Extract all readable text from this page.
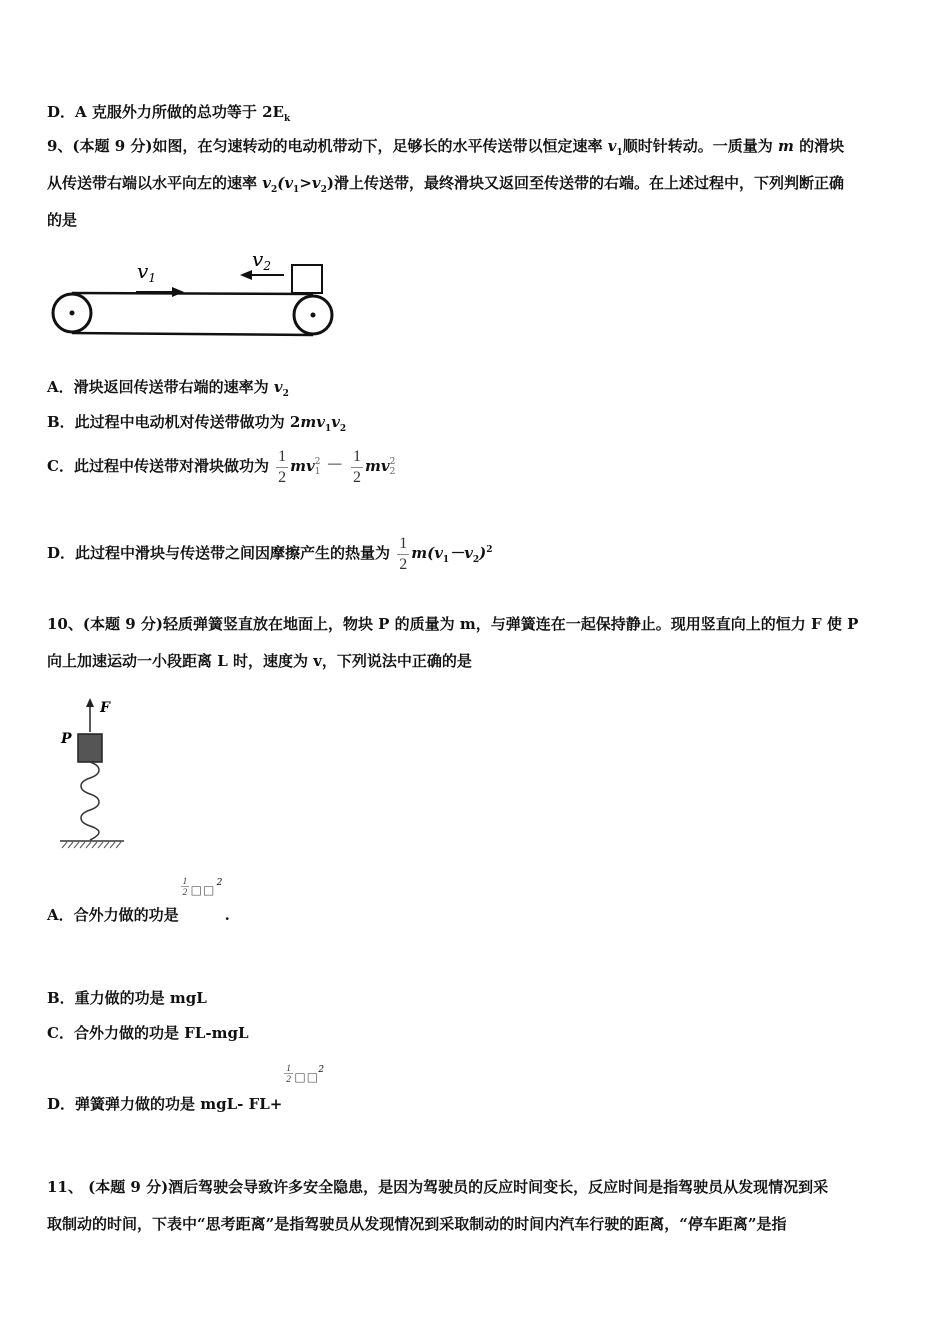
D．A 克服外力所做的总功等于 $2E_k$
9、(本题 9 分)如图，在匀速转动的电动机带动下，足够长的水平传送带以恒定速率 $v_1$顺时针转动。一质量为 m 的滑块
从传送带右端以水平向左的速率 $v_2(v_1>v_2)$滑上传送带，最终滑块又返回至传送带的右端。在上述过程中，下列判断正确
的是
$v_1$
$v_2$
A．滑块返回传送带右端的速率为 $v_2$
B．此过程中电动机对传送带做功为 $2mv_1v_2$
C．此过程中传送带对滑块做功为 $\frac{1}{2}$ mv 2
$1 - \frac{1}{2}$ mv 2
2
D．此过程中滑块与传送带之间因摩擦产生的热量为 $\frac{1}{2} m(v_1-v_2)^2$
10、(本题 9 分)轻质弹簧竖直放在地面上，物块 P 的质量为 m，与弹簧连在一起保持静止。现用竖直向上的恒力 F 使 P
向上加速运动一小段距离 L 时，速度为 v，下列说法中正确的是
F
P
A．合外力做的功是
$\frac{1}{2}$ □□ 2
.
B．重力做的功是 mgL
C．合外力做的功是 FL-mgL
D．弹簧弹力做的功是 mgL- FL+
$\frac{1}{2}$ □□ 2
11、 (本题 9 分)酒后驾驶会导致许多安全隐患，是因为驾驶员的反应时间变长，反应时间是指驾驶员从发现情况到采
取制动的时间，下表中“思考距离”是指驾驶员从发现情况到采取制动的时间内汽车行驶的距离，“停车距离”是指
